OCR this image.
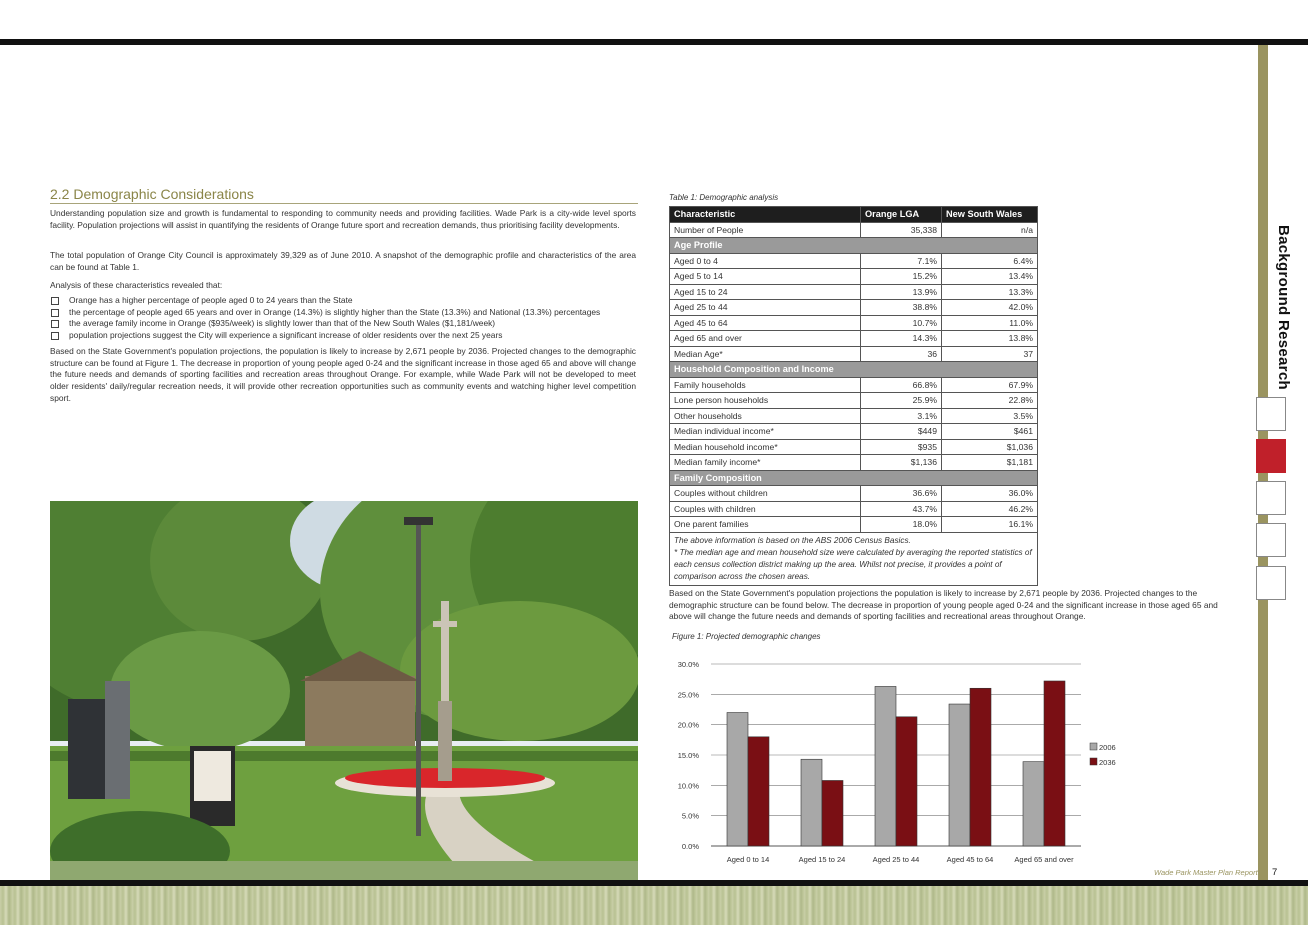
Background Research
2.2 Demographic Considerations

Understanding population size and growth is fundamental to responding to community needs and providing facilities. Wade Park is a city-wide level sports facility. Population projections will assist in quantifying the residents of Orange future sport and recreation demands, thus prioritising facility developments.

The total population of Orange City Council is approximately 39,329 as of June 2010. A snapshot of the demographic profile and characteristics of the area can be found at Table 1.

Analysis of these characteristics revealed that:

Orange has a higher percentage of people aged 0 to 24 years than the State
the percentage of people aged 65 years and over in Orange (14.3%) is slightly higher than the State (13.3%) and National (13.3%) percentages
the average family income in Orange ($935/week) is slightly lower than that of the New South Wales ($1,181/week)
population projections suggest the City will experience a significant increase of older residents over the next 25 years

Based on the State Government's population projections, the population is likely to increase by 2,671 people by 2036. Projected changes to the demographic structure can be found at Figure 1. The decrease in proportion of young people aged 0-24 and the significant increase in those aged 65 and above will change the future needs and demands of sporting facilities and recreation areas throughout Orange. For example, while Wade Park will not be developed to meet older residents' daily/regular recreation needs, it will provide other recreation opportunities such as community events and watching higher level competition sport.

Table 1: Demographic analysis
Characteristic	Orange LGA	New South Wales
Number of People	35,338	n/a
Age Profile		
Aged 0 to 4	7.1%	6.4%
Aged 5 to 14	15.2%	13.4%
Aged 15 to 24	13.9%	13.3%
Aged 25 to 44	38.8%	42.0%
Aged 45 to 64	10.7%	11.0%
Aged 65 and over	14.3%	13.8%
Median Age*	36	37
Household Composition and Income		
Family households	66.8%	67.9%
Lone person households	25.9%	22.8%
Other households	3.1%	3.5%
Median individual income*	$449	$461
Median household income*	$935	$1,036
Median family income*	$1,136	$1,181
Family Composition		
Couples without children	36.6%	36.0%
Couples with children	43.7%	46.2%
One parent families	18.0%	16.1%

The above information is based on the ABS 2006 Census Basics.
* The median age and mean household size were calculated by averaging the reported statistics of each census collection district making up the area. Whilst not precise, it provides a point of comparison across the chosen areas.		

Based on the State Government's population projections the population is likely to increase by 2,671 people by 2036. Projected changes to the demographic structure can be found below. The decrease in proportion of young people aged 0-24 and the significant increase in those aged 65 and above will change the future needs and demands of sporting facilities and recreational areas throughout Orange.

Figure 1: Projected demographic changes
0.0%
5.0%
10.0%
15.0%
20.0%
25.0%
30.0%
Aged 0 to 14	Aged 15 to 24	Aged 25 to 44	Aged 45 to 64	Aged 65 and over
2006
2036
Wade Park Master Plan Report 7
